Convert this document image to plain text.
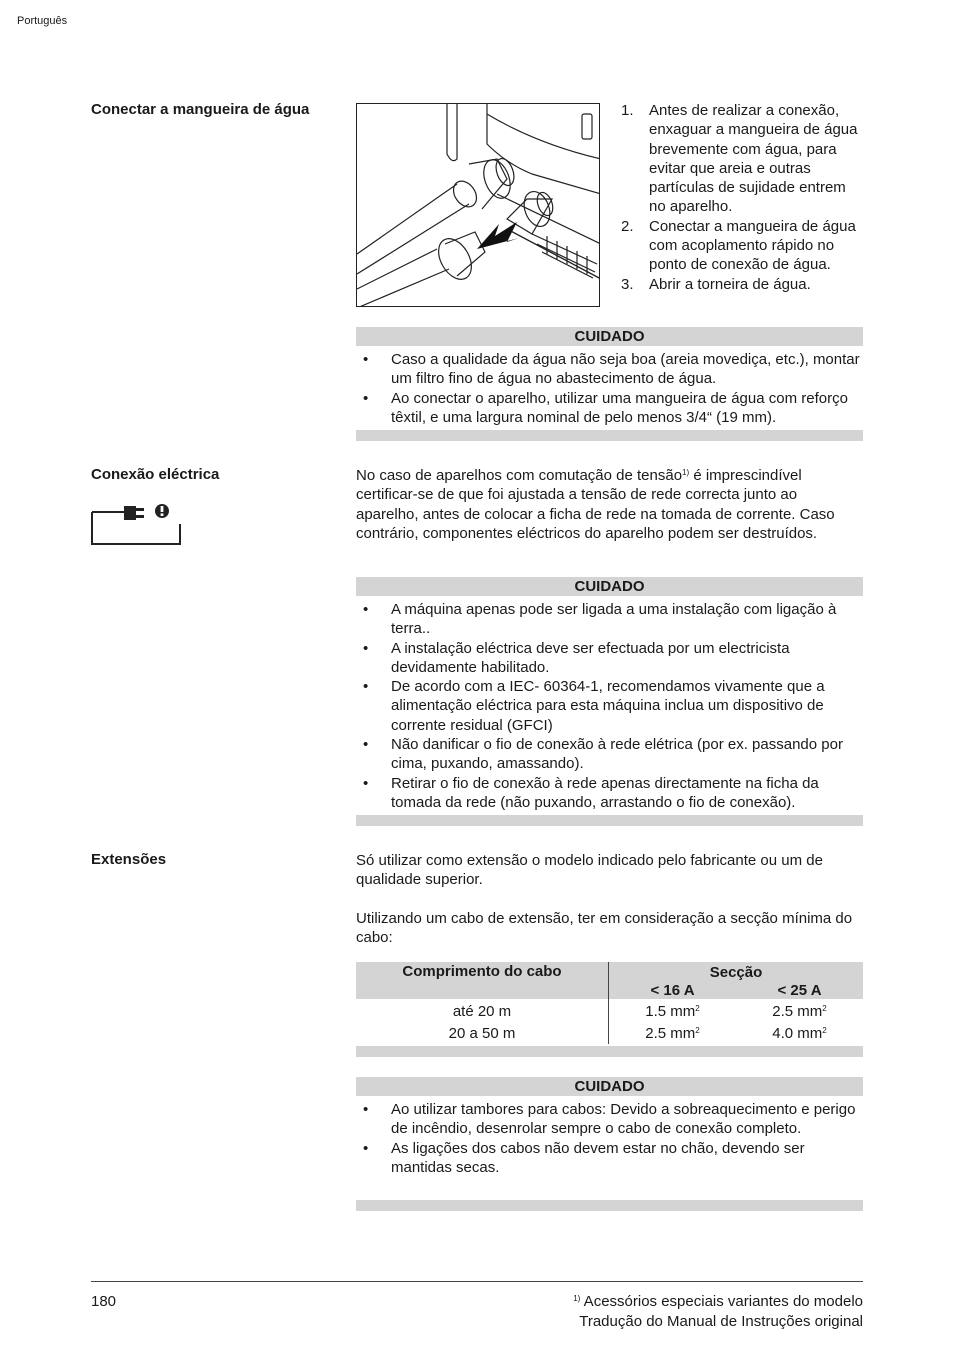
Português
Conectar a mangueira de água	1. Antes de realizar a conexão, enxaguar a mangueira de água brevemente com água, para evitar que areia e outras partículas de sujidade entrem no aparelho.
2. Conectar a mangueira de água com acoplamento rápido no ponto de conexão de água.
3. Abrir a torneira de água.
CUIDADO
• Caso a qualidade da água não seja boa (areia movediça, etc.), montar um filtro fino de água no abastecimento de água.
• Ao conectar o aparelho, utilizar uma mangueira de água com reforço têxtil, e uma largura nominal de pelo menos 3/4“ (19 mm).
Conexão eléctrica	No caso de aparelhos com comutação de tensão$^{1)}$ é imprescindível certificar-se de que foi ajustada a tensão de rede correcta junto ao aparelho, antes de colocar a ficha de rede na tomada de corrente. Caso contrário, componentes eléctricos do aparelho podem ser destruídos.
CUIDADO
• A máquina apenas pode ser ligada a uma instalação com ligação à terra..
• A instalação eléctrica deve ser efectuada por um electricista devidamente habilitado.
• De acordo com a IEC- 60364-1, recomendamos vivamente que a alimentação eléctrica para esta máquina inclua um dispositivo de corrente residual (GFCI)
• Não danificar o fio de conexão à rede elétrica (por ex. passando por cima, puxando, amassando).
• Retirar o fio de conexão à rede apenas directamente na ficha da tomada da rede (não puxando, arrastando o fio de conexão).
Extensões	Só utilizar como extensão o modelo indicado pelo fabricante ou um de qualidade superior.
Utilizando um cabo de extensão, ter em consideração a secção mínima do cabo:
Comprimento do cabo	Secção
< 16 A	< 25 A
até 20 m	1.5 $mm^2$	2.5 $mm^2$
20 a 50 m	2.5 $mm^2$	4.0 $mm^2$
CUIDADO
• Ao utilizar tambores para cabos: Devido a sobreaquecimento e perigo de incêndio, desenrolar sempre o cabo de conexão completo.
• As ligações dos cabos não devem estar no chão, devendo ser mantidas secas.
180	$^{1)}$ Acessórios especiais variantes do modelo
Tradução do Manual de Instruções original
